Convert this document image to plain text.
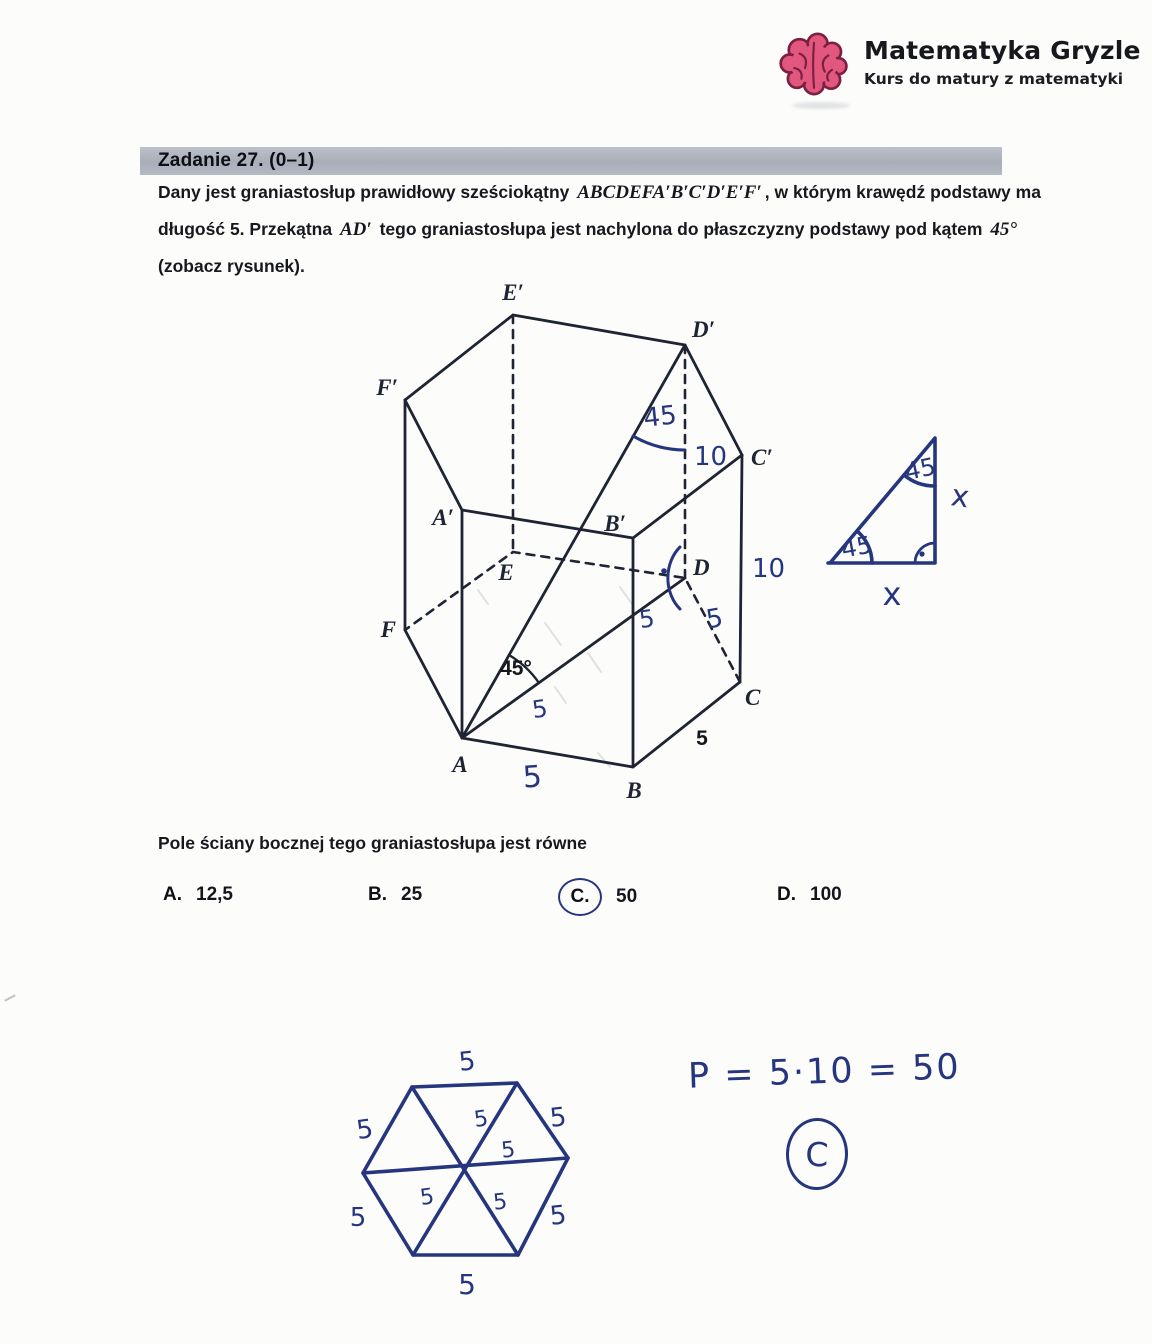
Matematyka Gryzle
Kurs do matury z matematyki
Zadanie 27. (0–1)

Dany jest graniastosłup prawidłowy sześciokątny ABCDEFA′B′C′D′E′F′ , w którym krawędź podstawy ma długość 5. Przekątna AD′ tego graniastosłupa jest nachylona do płaszczyzny podstawy pod kątem 45° (zobacz rysunek).

E′
D′
F′
C′
A′	B′
E	D
F
C
A
B
45°
5
45
10
10
5 5
5
5
45
45
x
x

Pole ściany bocznej tego graniastosłupa jest równe

A. 12,5	B. 25	C. 50	D. 100
5
5	5
5	5
5
5
5
5	5
P = 5·10 = 50
C
